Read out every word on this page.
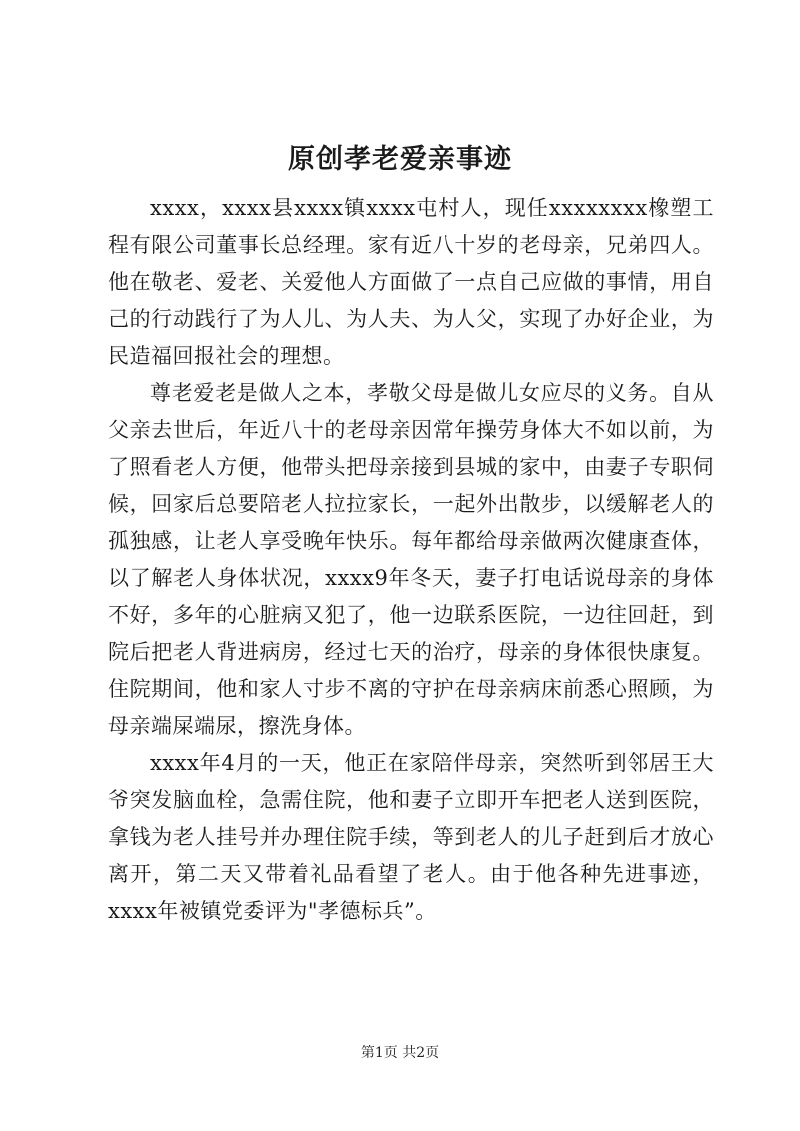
原创孝老爱亲事迹

xxxx，xxxx县xxxx镇xxxx屯村人，现任xxxxxxxx橡塑工程有限公司董事长总经理。家有近八十岁的老母亲，兄弟四人。他在敬老、爱老、关爱他人方面做了一点自己应做的事情，用自己的行动践行了为人儿、为人夫、为人父，实现了办好企业，为民造福回报社会的理想。

尊老爱老是做人之本，孝敬父母是做儿女应尽的义务。自从父亲去世后，年近八十的老母亲因常年操劳身体大不如以前，为了照看老人方便，他带头把母亲接到县城的家中，由妻子专职伺候，回家后总要陪老人拉拉家长，一起外出散步，以缓解老人的孤独感，让老人享受晚年快乐。每年都给母亲做两次健康查体，以了解老人身体状况，xxxx9年冬天，妻子打电话说母亲的身体不好，多年的心脏病又犯了，他一边联系医院，一边往回赶，到院后把老人背进病房，经过七天的治疗，母亲的身体很快康复。住院期间，他和家人寸步不离的守护在母亲病床前悉心照顾，为母亲端屎端尿，擦洗身体。

xxxx年4月的一天，他正在家陪伴母亲，突然听到邻居王大爷突发脑血栓，急需住院，他和妻子立即开车把老人送到医院，拿钱为老人挂号并办理住院手续，等到老人的儿子赶到后才放心离开，第二天又带着礼品看望了老人。由于他各种先进事迹，xxxx年被镇党委评为"孝德标兵”。

第1页 共2页
